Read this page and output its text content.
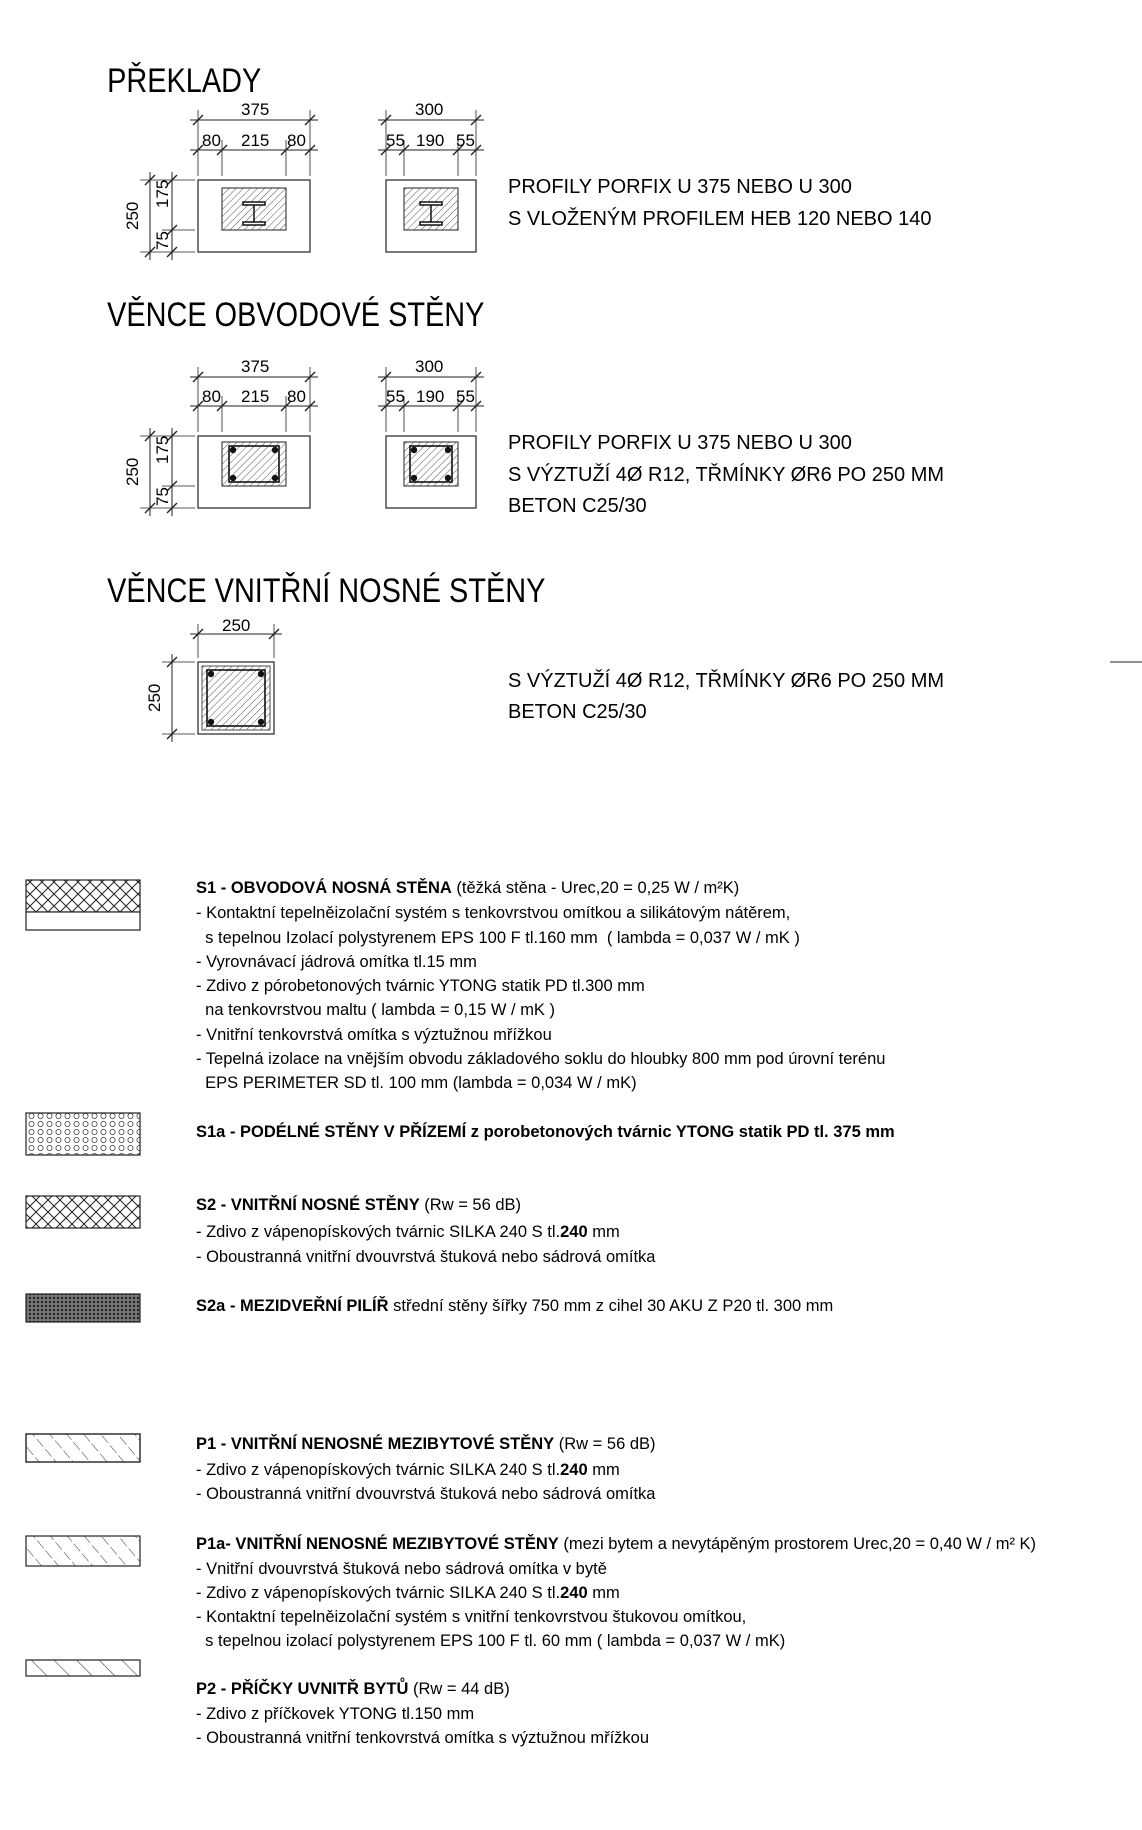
PŘEKLADY
375
80 215 80
250
175
75
300
55 190 55
PROFILY PORFIX U 375 NEBO U 300
S VLOŽENÝM PROFILEM HEB 120 NEBO 140
VĚNCE OBVODOVÉ STĚNY
375
80 215 80
250
175
75
300
55 190 55
PROFILY PORFIX U 375 NEBO U 300
S VÝZTUŽÍ 4Ø R12, TŘMÍNKY ØR6 PO 250 MM
BETON C25/30
VĚNCE VNITŘNÍ NOSNÉ STĚNY
250
250
S VÝZTUŽÍ 4Ø R12, TŘMÍNKY ØR6 PO 250 MM
BETON C25/30
S1 - OBVODOVÁ NOSNÁ STĚNA (těžká stěna - Urec,20 = 0,25 W / m²K)
- Kontaktní tepelněizolační systém s tenkovrstvou omítkou a silikátovým nátěrem,
s tepelnou Izolací polystyrenem EPS 100 F tl.160 mm  ( lambda = 0,037 W / mK )
- Vyrovnávací jádrová omítka tl.15 mm
- Zdivo z pórobetonových tvárnic YTONG statik PD tl.300 mm
na tenkovrstvou maltu ( lambda = 0,15 W / mK )
- Vnitřní tenkovrstvá omítka s výztužnou mřížkou
- Tepelná izolace na vnějším obvodu základového soklu do hloubky 800 mm pod úrovní terénu
EPS PERIMETER SD tl. 100 mm (lambda = 0,034 W / mK)
S1a - PODÉLNÉ STĚNY V PŘÍZEMÍ z porobetonových tvárnic YTONG statik PD tl. 375 mm
S2 - VNITŘNÍ NOSNÉ STĚNY (Rw = 56 dB)
- Zdivo z vápenopískových tvárnic SILKA 240 S tl.240 mm
- Oboustranná vnitřní dvouvrstvá štuková nebo sádrová omítka
S2a - MEZIDVEŘNÍ PILÍŘ střední stěny šířky 750 mm z cihel 30 AKU Z P20 tl. 300 mm
P1 - VNITŘNÍ NENOSNÉ MEZIBYTOVÉ STĚNY (Rw = 56 dB)
- Zdivo z vápenopískových tvárnic SILKA 240 S tl.240 mm
- Oboustranná vnitřní dvouvrstvá štuková nebo sádrová omítka
P1a- VNITŘNÍ NENOSNÉ MEZIBYTOVÉ STĚNY (mezi bytem a nevytápěným prostorem Urec,20 = 0,40 W / m² K)
- Vnitřní dvouvrstvá štuková nebo sádrová omítka v bytě
- Zdivo z vápenopískových tvárnic SILKA 240 S tl.240 mm
- Kontaktní tepelněizolační systém s vnitřní tenkovrstvou štukovou omítkou,
s tepelnou izolací polystyrenem EPS 100 F tl. 60 mm ( lambda = 0,037 W / mK)
P2 - PŘÍČKY UVNITŘ BYTŮ (Rw = 44 dB)
- Zdivo z příčkovek YTONG tl.150 mm
- Oboustranná vnitřní tenkovrstvá omítka s výztužnou mřížkou
